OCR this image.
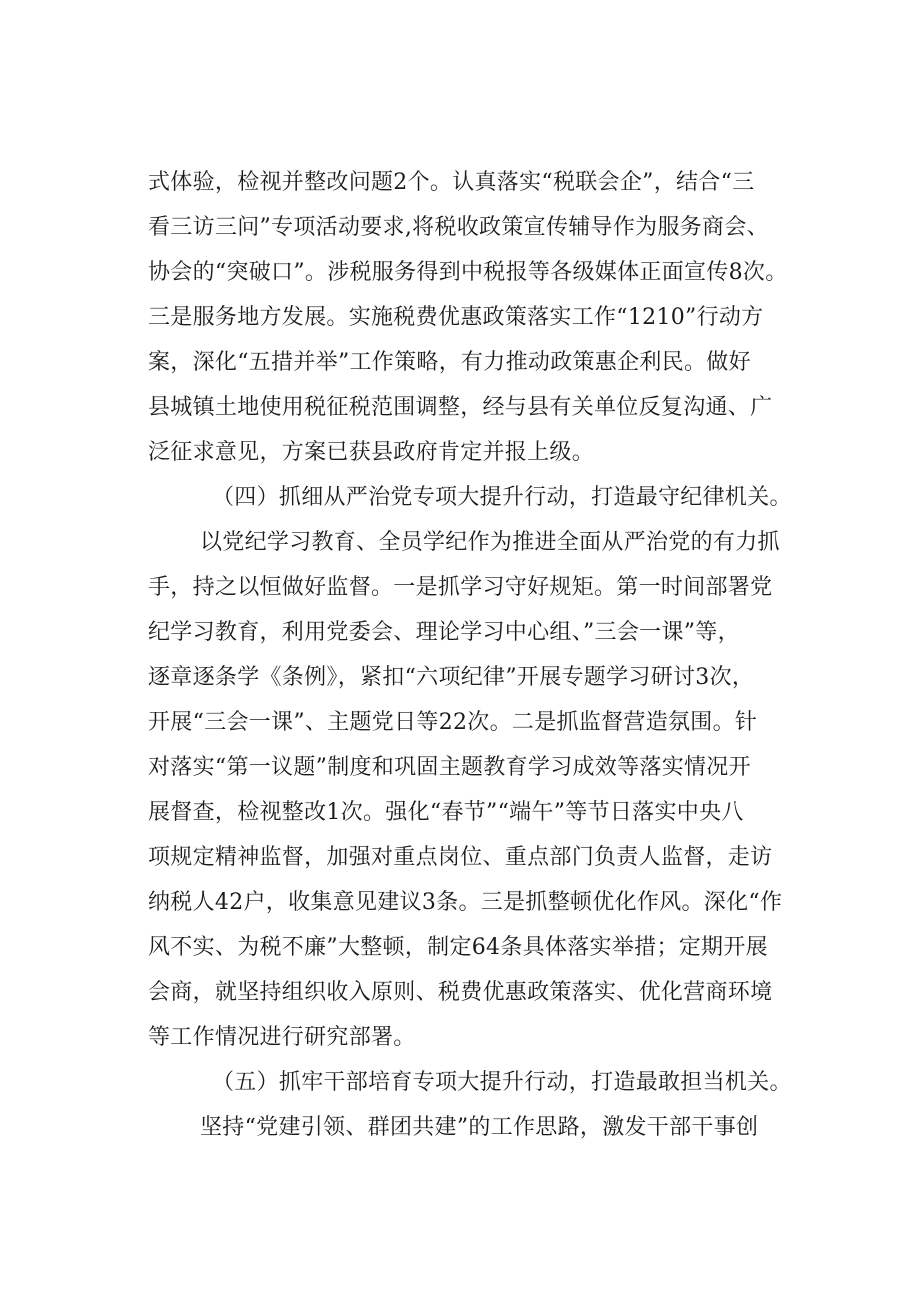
式体验，检视并整改问题2个。认真落实“税联会企”，结合“三
看三访三问”专项活动要求,将税收政策宣传辅导作为服务商会、
协会的“突破口”。涉税服务得到中税报等各级媒体正面宣传8次。
三是服务地方发展。实施税费优惠政策落实工作“1210”行动方
案，深化“五措并举”工作策略，有力推动政策惠企利民。做好
县城镇土地使用税征税范围调整，经与县有关单位反复沟通、广
泛征求意见，方案已获县政府肯定并报上级。
（四）抓细从严治党专项大提升行动，打造最守纪律机关。
以党纪学习教育、全员学纪作为推进全面从严治党的有力抓
手，持之以恒做好监督。一是抓学习守好规矩。第一时间部署党
纪学习教育，利用党委会、理论学习中心组、”三会一课”等，
逐章逐条学《条例》，紧扣“六项纪律”开展专题学习研讨3次，
开展“三会一课”、主题党日等22次。二是抓监督营造氛围。针
对落实“第一议题”制度和巩固主题教育学习成效等落实情况开
展督查，检视整改1次。强化“春节”“端午”等节日落实中央八
项规定精神监督，加强对重点岗位、重点部门负责人监督，走访
纳税人42户，收集意见建议3条。三是抓整顿优化作风。深化“作
风不实、为税不廉”大整顿，制定64条具体落实举措；定期开展
会商，就坚持组织收入原则、税费优惠政策落实、优化营商环境
等工作情况进行研究部署。
（五）抓牢干部培育专项大提升行动，打造最敢担当机关。
坚持“党建引领、群团共建”的工作思路，激发干部干事创
